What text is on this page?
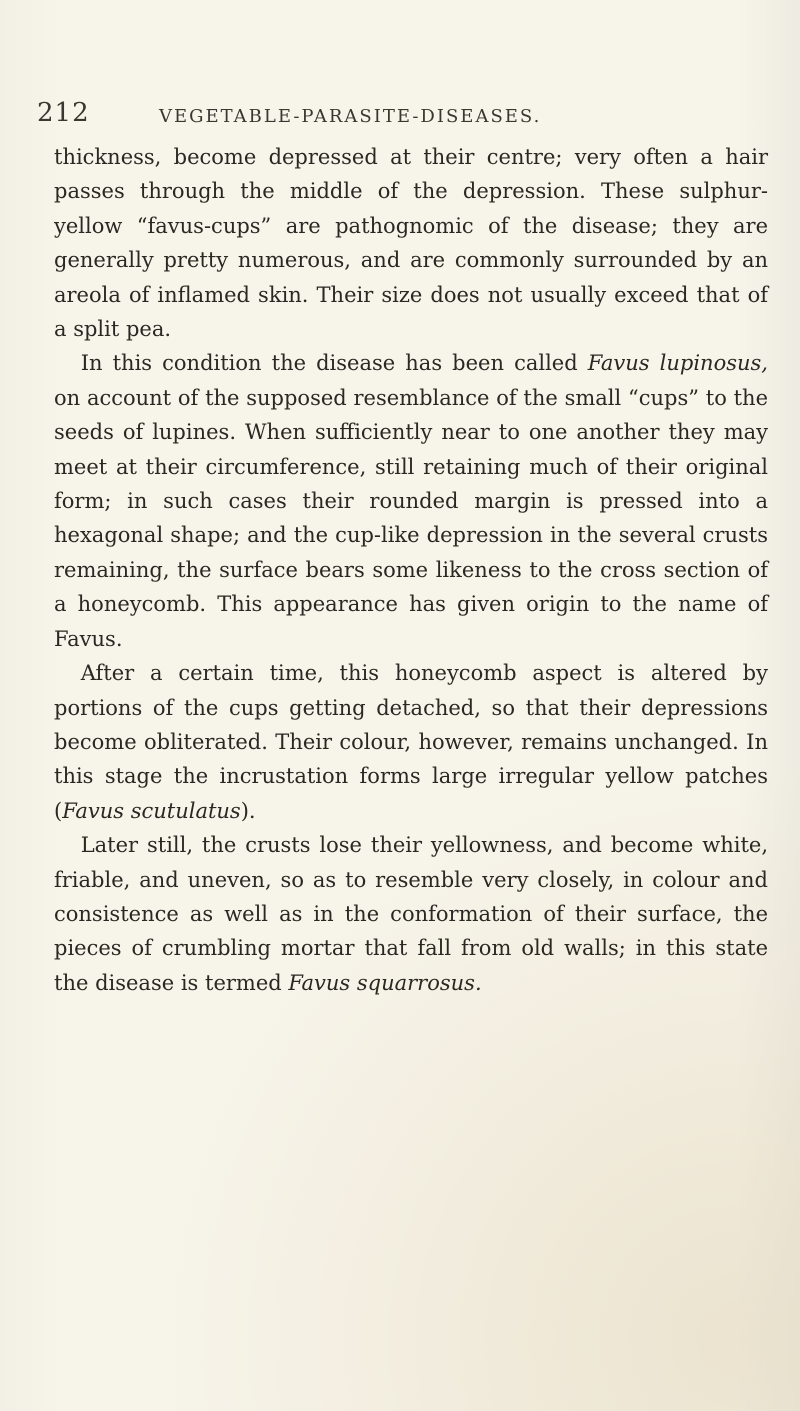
212	VEGETABLE-PARASITE-DISEASES.

thickness, become depressed at their centre; very often a hair passes through the middle of the depression. These sulphur-yellow “favus-cups” are pathognomic of the disease; they are generally pretty numerous, and are commonly surrounded by an areola of inflamed skin. Their size does not usually exceed that of a split pea.

In this condition the disease has been called Favus lupinosus, on account of the supposed resemblance of the small “cups” to the seeds of lupines. When sufficiently near to one another they may meet at their circumference, still retaining much of their original form; in such cases their rounded margin is pressed into a hexagonal shape; and the cup-like depression in the several crusts remaining, the surface bears some likeness to the cross section of a honeycomb. This appearance has given origin to the name of Favus.

After a certain time, this honeycomb aspect is altered by portions of the cups getting detached, so that their depressions become obliterated. Their colour, however, remains unchanged. In this stage the incrustation forms large irregular yellow patches (Favus scutulatus).

Later still, the crusts lose their yellowness, and become white, friable, and uneven, so as to resemble very closely, in colour and consistence as well as in the conformation of their surface, the pieces of crumbling mortar that fall from old walls; in this state the disease is termed Favus squarrosus.
